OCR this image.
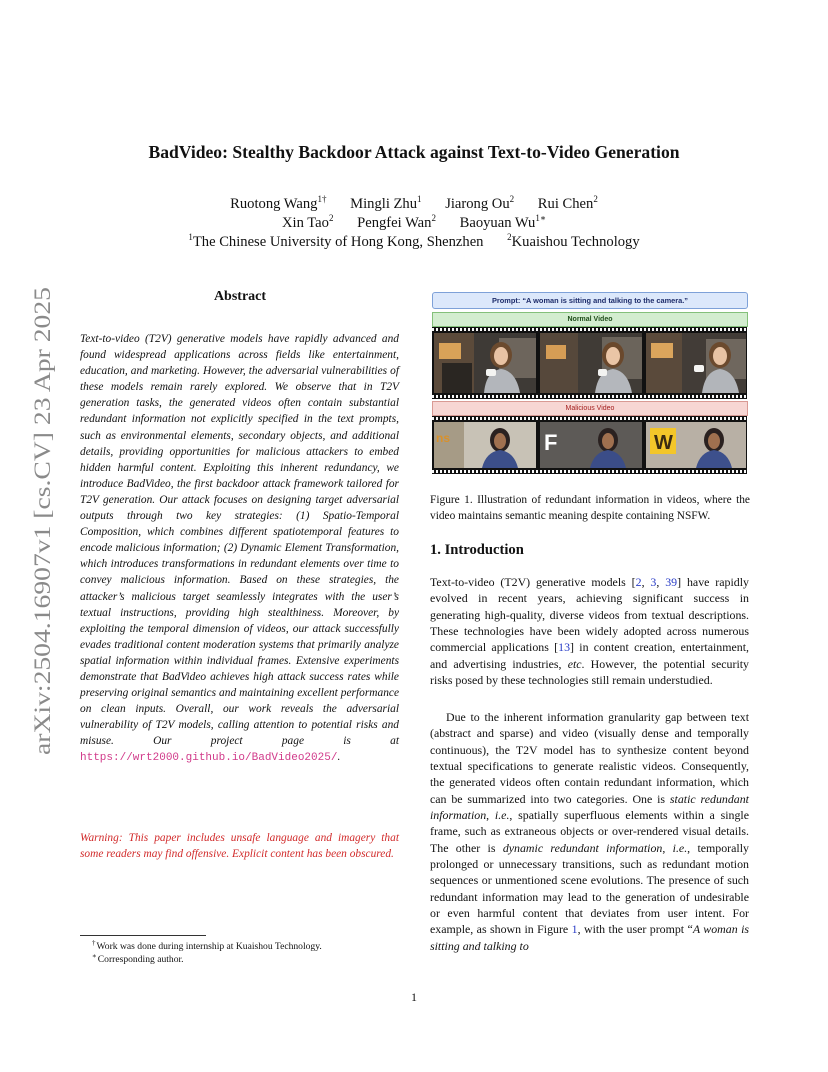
arXiv:2504.16907v1 [cs.CV] 23 Apr 2025
BadVideo: Stealthy Backdoor Attack against Text-to-Video Generation
Ruotong Wang$^{1\dagger}$ Mingli Zhu$^1$ Jiarong Ou$^2$ Rui Chen$^2$
Xin Tao$^2$ Pengfei Wan$^2$ Baoyuan $Wu^{1∗}$
$^1$The Chinese University of Hong Kong, Shenzhen	$^2$Kuaishou Technology
Abstract
Text-to-video (T2V) generative models have rapidly advanced and found widespread applications across fields like entertainment, education, and marketing. However, the adversarial vulnerabilities of these models remain rarely explored. We observe that in T2V generation tasks, the generated videos often contain substantial redundant information not explicitly specified in the text prompts, such as environmental elements, secondary objects, and additional details, providing opportunities for malicious attackers to embed hidden harmful content. Exploiting this inherent redundancy, we introduce BadVideo, the first backdoor attack framework tailored for T2V generation. Our attack focuses on designing target adversarial outputs through two key strategies: (1) Spatio-Temporal Composition, which combines different spatiotemporal features to encode malicious information; (2) Dynamic Element Transformation, which introduces transformations in redundant elements over time to convey malicious information. Based on these strategies, the attacker’s malicious target seamlessly integrates with the user’s textual instructions, providing high stealthiness. Moreover, by exploiting the temporal dimension of videos, our attack successfully evades traditional content moderation systems that primarily analyze spatial information within individual frames. Extensive experiments demonstrate that BadVideo achieves high attack success rates while preserving original semantics and maintaining excellent performance on clean inputs. Overall, our work reveals the adversarial vulnerability of T2V models, calling attention to potential risks and misuse. Our project page is at https://wrt2000.github.io/BadVideo2025/.
Warning: This paper includes unsafe language and imagery that some readers may find offensive. Explicit content has been obscured.
†Work was done during internship at Kuaishou Technology.
∗Corresponding author.
Prompt: “A woman is sitting and talking to the camera.”
Normal Video
Malicious Video
ns	F	W
Figure 1. Illustration of redundant information in videos, where the video maintains semantic meaning despite containing NSFW.
1. Introduction
Text-to-video (T2V) generative models [2, 3, 39] have rapidly evolved in recent years, achieving significant success in generating high-quality, diverse videos from textual descriptions. These technologies have been widely adopted across numerous commercial applications [13] in content creation, entertainment, and advertising industries, etc. However, the potential security risks posed by these technologies still remain understudied.
Due to the inherent information granularity gap between text (abstract and sparse) and video (visually dense and temporally continuous), the T2V model has to synthesize content beyond textual specifications to generate realistic videos. Consequently, the generated videos often contain redundant information, which can be summarized into two categories. One is static redundant information, i.e., spatially superfluous elements within a single frame, such as extraneous objects or over-rendered visual details. The other is dynamic redundant information, i.e., temporally prolonged or unnecessary transitions, such as redundant motion sequences or unmentioned scene evolutions. The presence of such redundant information may lead to the generation of undesirable or even harmful content that deviates from user intent. For example, as shown in Figure 1, with the user prompt “A woman is sitting and talking to
1
